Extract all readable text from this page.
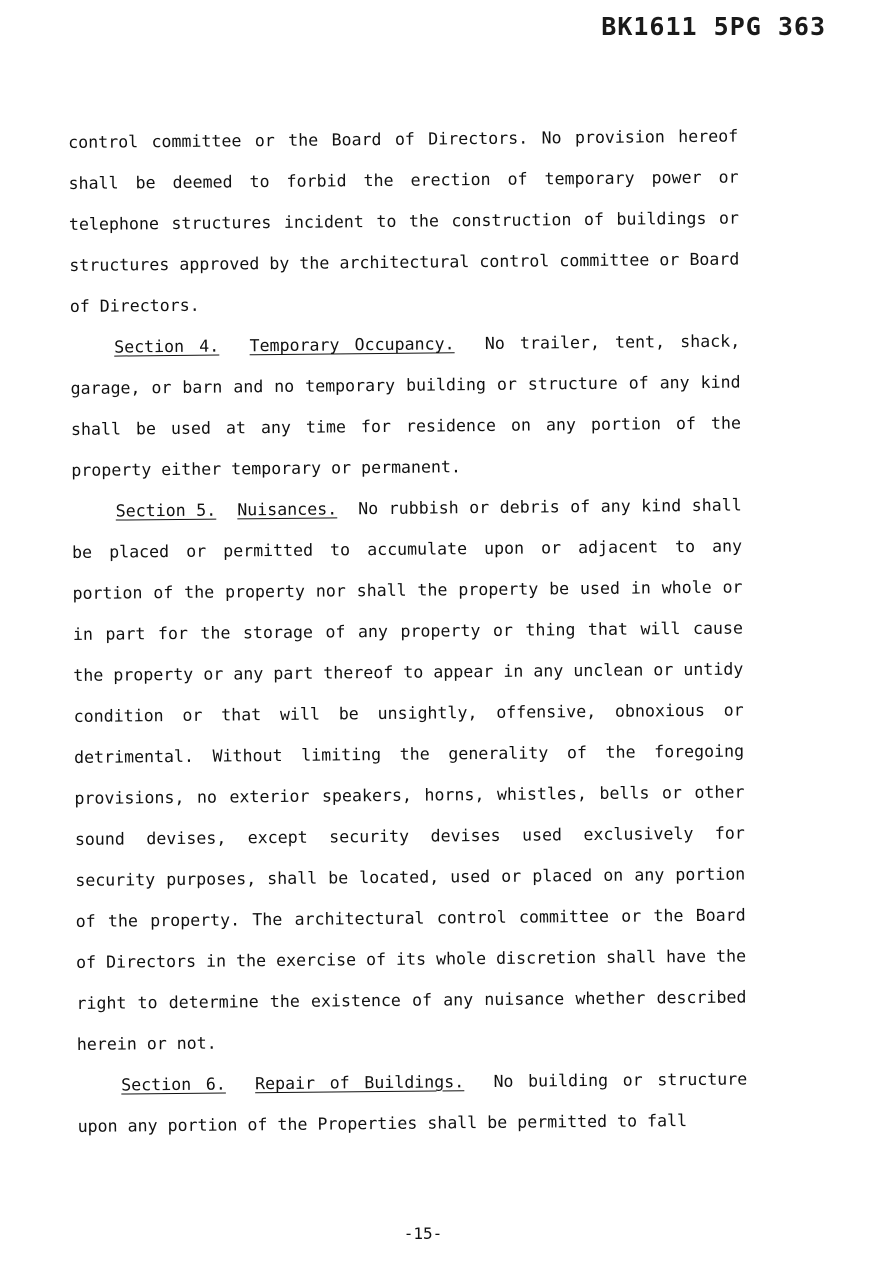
BK1611 5PG 363

control committee or the Board of Directors. No provision hereof shall be deemed to forbid the erection of temporary power or telephone structures incident to the construction of buildings or structures approved by the architectural control committee or Board of Directors.

Section 4. Temporary Occupancy. No trailer, tent, shack, garage, or barn and no temporary building or structure of any kind shall be used at any time for residence on any portion of the property either temporary or permanent.

Section 5. Nuisances. No rubbish or debris of any kind shall be placed or permitted to accumulate upon or adjacent to any portion of the property nor shall the property be used in whole or in part for the storage of any property or thing that will cause the property or any part thereof to appear in any unclean or untidy condition or that will be unsightly, offensive, obnoxious or detrimental. Without limiting the generality of the foregoing provisions, no exterior speakers, horns, whistles, bells or other sound devises, except security devises used exclusively for security purposes, shall be located, used or placed on any portion of the property. The architectural control committee or the Board of Directors in the exercise of its whole discretion shall have the right to determine the existence of any nuisance whether described herein or not.

Section 6. Repair of Buildings. No building or structure upon any portion of the Properties shall be permitted to fall

-15-
